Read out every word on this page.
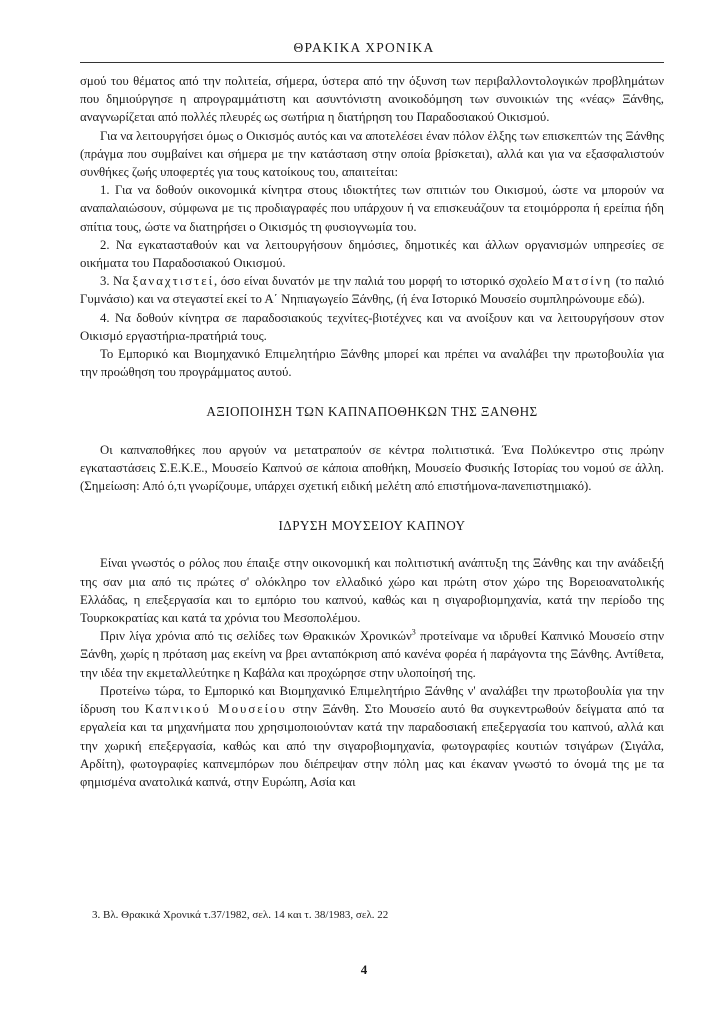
ΘΡΑΚΙΚΑ ΧΡΟΝΙΚΑ

σμού του θέματος από την πολιτεία, σήμερα, ύστερα από την όξυνση των περιβαλλοντολογικών προβλημάτων που δημιούργησε η απρογραμμάτιστη και ασυντόνιστη ανοικοδόμηση των συνοικιών της «νέας» Ξάνθης, αναγνωρίζεται από πολλές πλευρές ως σωτήρια η διατήρηση του Παραδοσιακού Οικισμού.

Για να λειτουργήσει όμως ο Οικισμός αυτός και να αποτελέσει έναν πόλον έλξης των επισκεπτών της Ξάνθης (πράγμα που συμβαίνει και σήμερα με την κατάσταση στην οποία βρίσκεται), αλλά και για να εξασφαλιστούν συνθήκες ζωής υποφερτές για τους κατοίκους του, απαιτείται:

1. Για να δοθούν οικονομικά κίνητρα στους ιδιοκτήτες των σπιτιών του Οικισμού, ώστε να μπορούν να αναπαλαιώσουν, σύμφωνα με τις προδιαγραφές που υπάρχουν ή να επισκευάζουν τα ετοιμόρροπα ή ερείπια ήδη σπίτια τους, ώστε να διατηρήσει ο Οικισμός τη φυσιογνωμία του.

2. Να εγκατασταθούν και να λειτουργήσουν δημόσιες, δημοτικές και άλλων οργανισμών υπηρεσίες σε οικήματα του Παραδοσιακού Οικισμού.

3. Να ξαναχτιστεί, όσο είναι δυνατόν με την παλιά του μορφή το ιστορικό σχολείο Ματσίνη (το παλιό Γυμνάσιο) και να στεγαστεί εκεί το Α΄ Νηπιαγωγείο Ξάνθης, (ή ένα Ιστορικό Μουσείο συμπληρώνουμε εδώ).

4. Να δοθούν κίνητρα σε παραδοσιακούς τεχνίτες-βιοτέχνες και να ανοίξουν και να λειτουργήσουν στον Οικισμό εργαστήρια-πρατήριά τους.

Το Εμπορικό και Βιομηχανικό Επιμελητήριο Ξάνθης μπορεί και πρέπει να αναλάβει την πρωτοβουλία για την προώθηση του προγράμματος αυτού.

ΑΞΙΟΠΟΙΗΣΗ ΤΩΝ ΚΑΠΝΑΠΟΘΗΚΩΝ ΤΗΣ ΞΑΝΘΗΣ

Οι καπναποθήκες που αργούν να μετατραπούν σε κέντρα πολιτιστικά. Ένα Πολύκεντρο στις πρώην εγκαταστάσεις Σ.Ε.Κ.Ε., Μουσείο Καπνού σε κάποια αποθήκη, Μουσείο Φυσικής Ιστορίας του νομού σε άλλη. (Σημείωση: Από ό,τι γνωρίζουμε, υπάρχει σχετική ειδική μελέτη από επιστήμονα-πανεπιστημιακό).

ΙΔΡΥΣΗ ΜΟΥΣΕΙΟΥ ΚΑΠΝΟΥ

Είναι γνωστός ο ρόλος που έπαιξε στην οικονομική και πολιτιστική ανάπτυξη της Ξάνθης και την ανάδειξή της σαν μια από τις πρώτες σ' ολόκληρο τον ελλαδικό χώρο και πρώτη στον χώρο της Βορειοανατολικής Ελλάδας, η επεξεργασία και το εμπόριο του καπνού, καθώς και η σιγαροβιομηχανία, κατά την περίοδο της Τουρκοκρατίας και κατά τα χρόνια του Μεσοπολέμου.

Πριν λίγα χρόνια από τις σελίδες των Θρακικών Χρονικών$^3$ προτείναμε να ιδρυθεί Καπνικό Μουσείο στην Ξάνθη, χωρίς η πρόταση μας εκείνη να βρει ανταπόκριση από κανένα φορέα ή παράγοντα της Ξάνθης. Αντίθετα, την ιδέα την εκμεταλλεύτηκε η Καβάλα και προχώρησε στην υλοποίησή της.

Προτείνω τώρα, το Εμπορικό και Βιομηχανικό Επιμελητήριο Ξάνθης ν' αναλάβει την πρωτοβουλία για την ίδρυση του Καπνικού Μουσείου στην Ξάνθη. Στο Μουσείο αυτό θα συγκεντρωθούν δείγματα από τα εργαλεία και τα μηχανήματα που χρησιμοποιούνταν κατά την παραδοσιακή επεξεργασία του καπνού, αλλά και την χωρική επεξεργασία, καθώς και από την σιγαροβιομηχανία, φωτογραφίες κουτιών τσιγάρων (Σιγάλα, Αρδίτη), φωτογραφίες καπνεμπόρων που διέπρεψαν στην πόλη μας και έκαναν γνωστό το όνομά της με τα φημισμένα ανατολικά καπνά, στην Ευρώπη, Ασία και

3. Βλ. Θρακικά Χρονικά τ.37/1982, σελ. 14 και τ. 38/1983, σελ. 22
4
